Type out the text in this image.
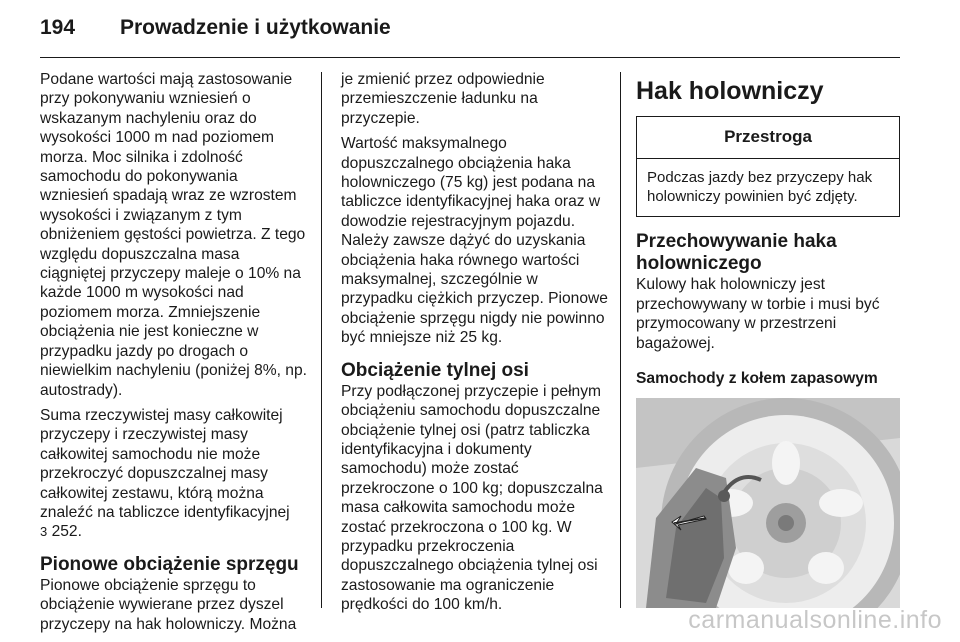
194	Prowadzenie i użytkowanie

Podane wartości mają zastosowanie przy pokonywaniu wzniesień o wskazanym nachyleniu oraz do wysokości 1000 m nad poziomem morza. Moc silnika i zdolność samochodu do pokonywania wzniesień spadają wraz ze wzrostem wysokości i związanym z tym obniżeniem gęstości powietrza. Z tego względu dopuszczalna masa ciągniętej przyczepy maleje o 10% na każde 1000 m wysokości nad poziomem morza. Zmniejszenie obciążenia nie jest konieczne w przypadku jazdy po drogach o niewielkim nachyleniu (poniżej 8%, np. autostrady).

Suma rzeczywistej masy całkowitej przyczepy i rzeczywistej masy całkowitej samochodu nie może przekroczyć dopuszczalnej masy całkowitej zestawu, którą można znaleźć na tabliczce identyfikacyjnej
3 252.

Pionowe obciążenie sprzęgu

Pionowe obciążenie sprzęgu to obciążenie wywierane przez dyszel przyczepy na hak holowniczy. Można

je zmienić przez odpowiednie przemieszczenie ładunku na przyczepie.

Wartość maksymalnego dopuszczalnego obciążenia haka holowniczego (75 kg) jest podana na tabliczce identyfikacyjnej haka oraz w dowodzie rejestracyjnym pojazdu. Należy zawsze dążyć do uzyskania obciążenia haka równego wartości maksymalnej, szczególnie w przypadku ciężkich przyczep. Pionowe obciążenie sprzęgu nigdy nie powinno być mniejsze niż 25 kg.

Obciążenie tylnej osi

Przy podłączonej przyczepie i pełnym obciążeniu samochodu dopuszczalne obciążenie tylnej osi (patrz tabliczka identyfikacyjna i dokumenty samochodu) może zostać przekroczone o 100 kg; dopuszczalna masa całkowita samochodu może zostać przekroczona o 100 kg. W przypadku przekroczenia dopuszczalnego obciążenia tylnej osi zastosowanie ma ograniczenie prędkości do 100 km/h.

Hak holowniczy
Przestroga
Podczas jazdy bez przyczepy hak holowniczy powinien być zdjęty.
Przechowywanie haka holowniczego

Kulowy hak holowniczy jest przechowywany w torbie i musi być przymocowany w przestrzeni bagażowej.

Samochody z kołem zapasowym
carmanualsonline.info
